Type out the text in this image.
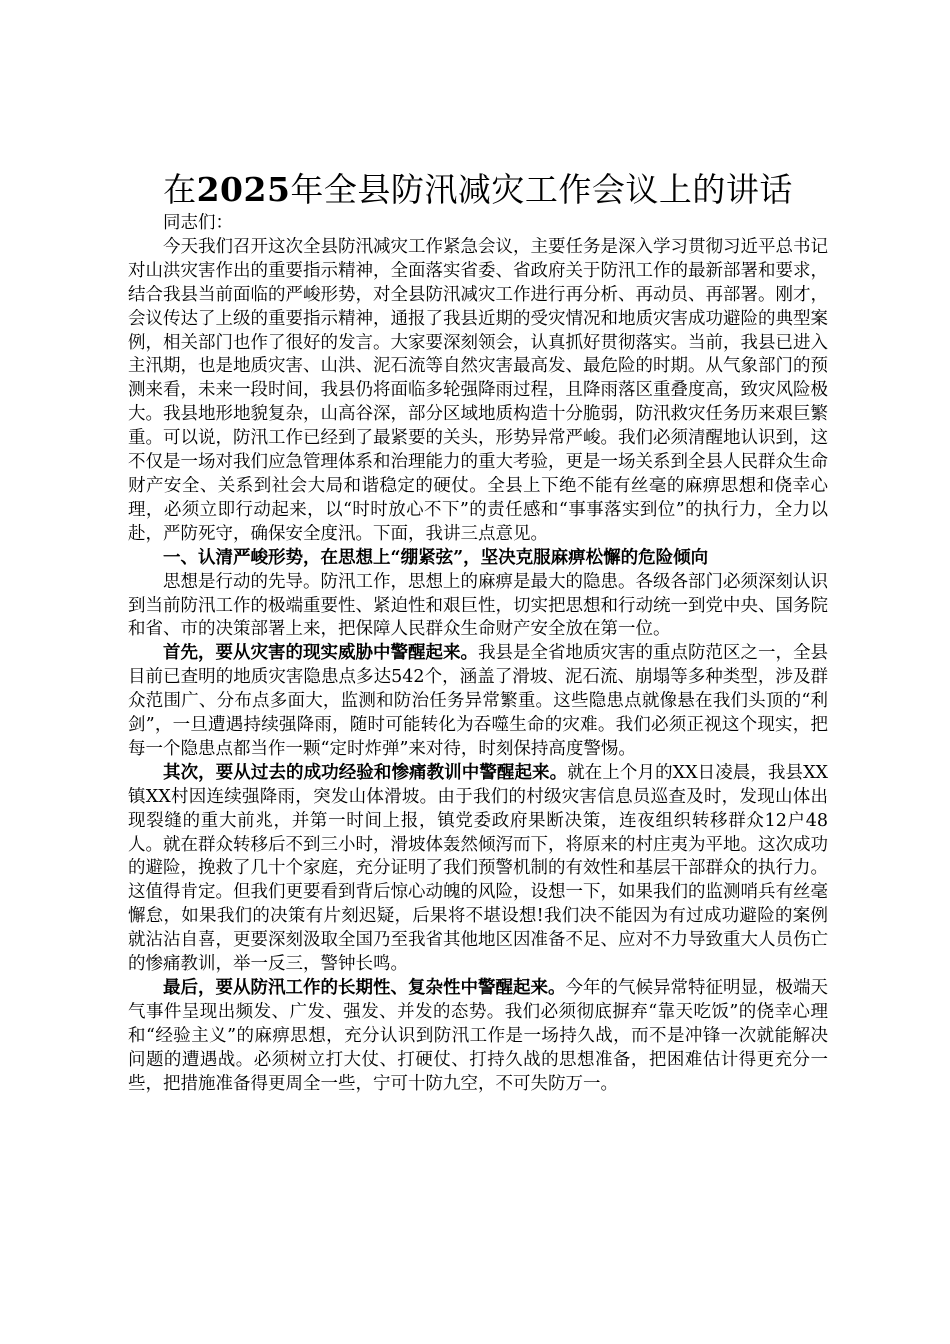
在2025年全县防汛减灾工作会议上的讲话

同志们：

今天我们召开这次全县防汛减灾工作紧急会议，主要任务是深入学习贯彻习近平总书记对山洪灾害作出的重要指示精神，全面落实省委、省政府关于防汛工作的最新部署和要求，结合我县当前面临的严峻形势，对全县防汛减灾工作进行再分析、再动员、再部署。刚才，会议传达了上级的重要指示精神，通报了我县近期的受灾情况和地质灾害成功避险的典型案例，相关部门也作了很好的发言。大家要深刻领会，认真抓好贯彻落实。当前，我县已进入主汛期，也是地质灾害、山洪、泥石流等自然灾害最高发、最危险的时期。从气象部门的预测来看，未来一段时间，我县仍将面临多轮强降雨过程，且降雨落区重叠度高，致灾风险极大。我县地形地貌复杂，山高谷深，部分区域地质构造十分脆弱，防汛救灾任务历来艰巨繁重。可以说，防汛工作已经到了最紧要的关头，形势异常严峻。我们必须清醒地认识到，这不仅是一场对我们应急管理体系和治理能力的重大考验，更是一场关系到全县人民群众生命财产安全、关系到社会大局和谐稳定的硬仗。全县上下绝不能有丝毫的麻痹思想和侥幸心理，必须立即行动起来，以“时时放心不下”的责任感和“事事落实到位”的执行力，全力以赴，严防死守，确保安全度汛。下面，我讲三点意见。

一、认清严峻形势，在思想上“绷紧弦”，坚决克服麻痹松懈的危险倾向

思想是行动的先导。防汛工作，思想上的麻痹是最大的隐患。各级各部门必须深刻认识到当前防汛工作的极端重要性、紧迫性和艰巨性，切实把思想和行动统一到党中央、国务院和省、市的决策部署上来，把保障人民群众生命财产安全放在第一位。

首先，要从灾害的现实威胁中警醒起来。我县是全省地质灾害的重点防范区之一，全县目前已查明的地质灾害隐患点多达542个，涵盖了滑坡、泥石流、崩塌等多种类型，涉及群众范围广、分布点多面大，监测和防治任务异常繁重。这些隐患点就像悬在我们头顶的“利剑”，一旦遭遇持续强降雨，随时可能转化为吞噬生命的灾难。我们必须正视这个现实，把每一个隐患点都当作一颗“定时炸弹”来对待，时刻保持高度警惕。

其次，要从过去的成功经验和惨痛教训中警醒起来。就在上个月的XX日凌晨，我县XX镇XX村因连续强降雨，突发山体滑坡。由于我们的村级灾害信息员巡查及时，发现山体出现裂缝的重大前兆，并第一时间上报，镇党委政府果断决策，连夜组织转移群众12户48人。就在群众转移后不到三小时，滑坡体轰然倾泻而下，将原来的村庄夷为平地。这次成功的避险，挽救了几十个家庭，充分证明了我们预警机制的有效性和基层干部群众的执行力。这值得肯定。但我们更要看到背后惊心动魄的风险，设想一下，如果我们的监测哨兵有丝毫懈怠，如果我们的决策有片刻迟疑，后果将不堪设想!我们决不能因为有过成功避险的案例就沾沾自喜，更要深刻汲取全国乃至我省其他地区因准备不足、应对不力导致重大人员伤亡的惨痛教训，举一反三，警钟长鸣。

最后，要从防汛工作的长期性、复杂性中警醒起来。今年的气候异常特征明显，极端天气事件呈现出频发、广发、强发、并发的态势。我们必须彻底摒弃“靠天吃饭”的侥幸心理和“经验主义”的麻痹思想，充分认识到防汛工作是一场持久战，而不是冲锋一次就能解决问题的遭遇战。必须树立打大仗、打硬仗、打持久战的思想准备，把困难估计得更充分一些，把措施准备得更周全一些，宁可十防九空，不可失防万一。
